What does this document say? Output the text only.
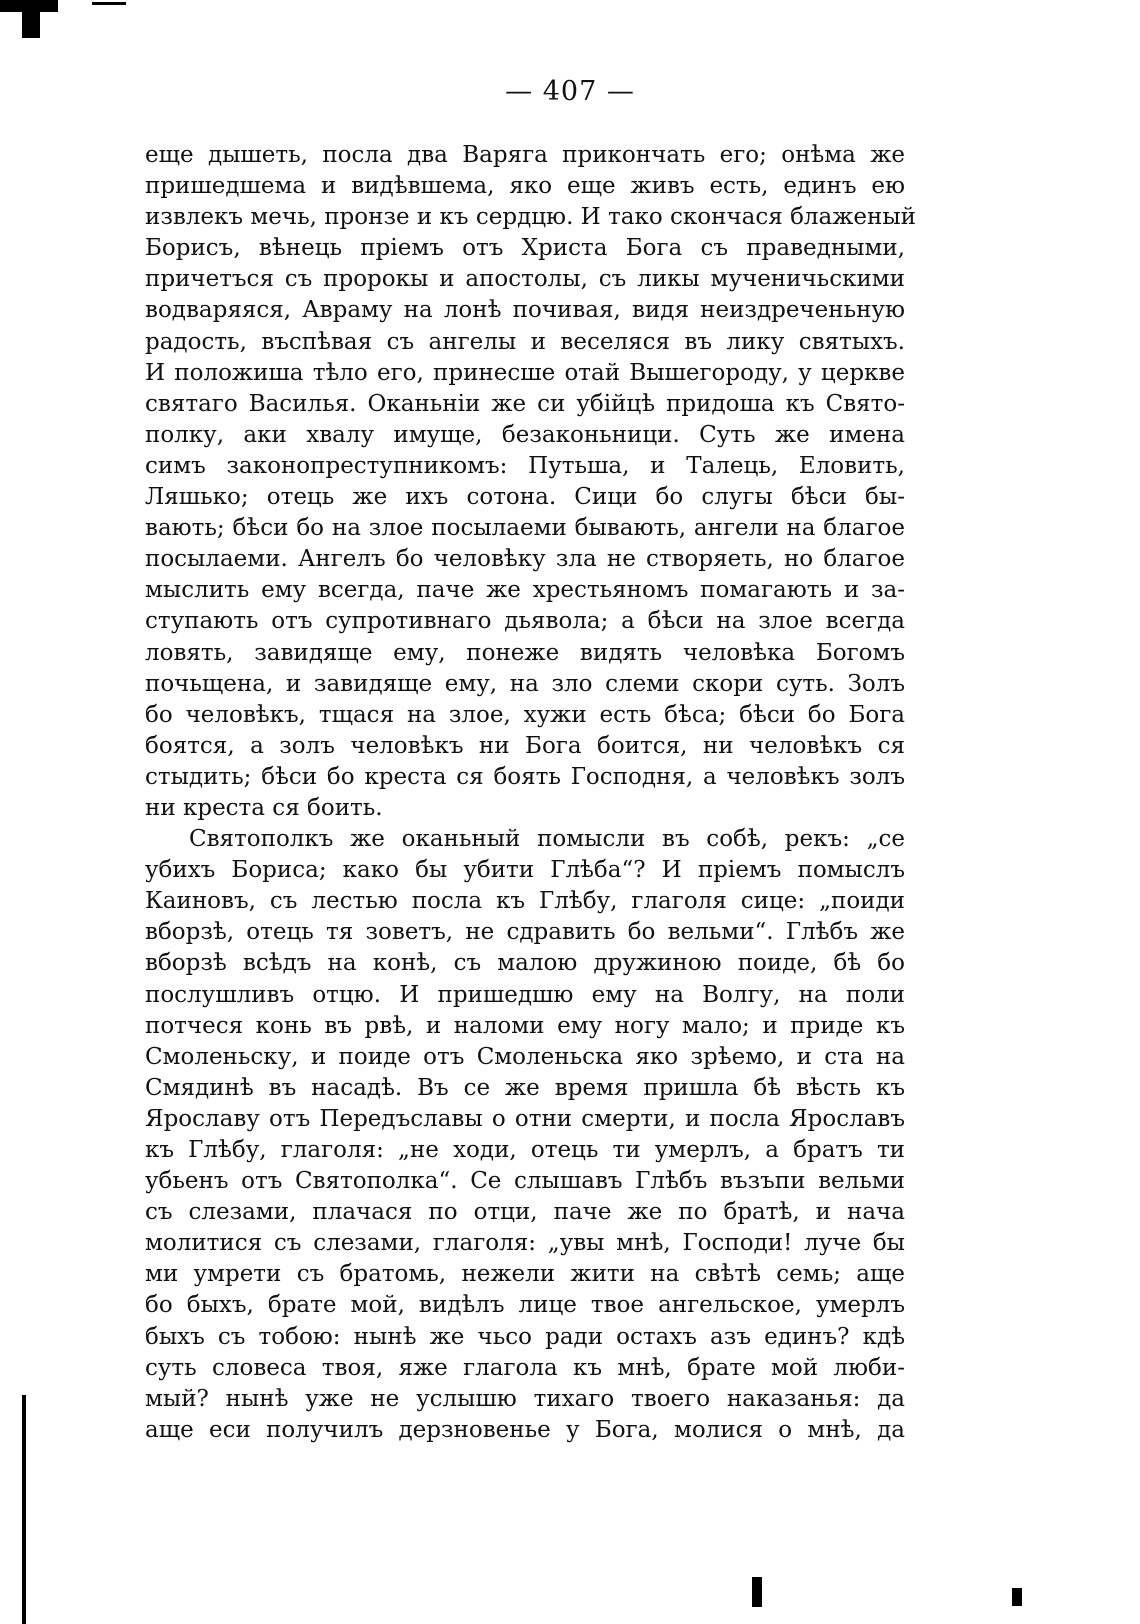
— 407 —
еще дышеть, посла два Варяга прикончать его; онѣма же
пришедшема и видѣвшема, яко еще живъ есть, единъ ею
извлекъ мечь, пронзе и къ сердцю. И тако скончася блаженый
Борисъ, вѣнець пріемъ отъ Христа Бога съ праведными,
причетъся съ пророкы и апостолы, съ ликы мученичьскими
водваряяся, Авраму на лонѣ почивая, видя неиздреченьную
радость, въспѣвая съ ангелы и веселяся въ лику святыхъ.
И положиша тѣло его, принесше отай Вышегороду, у церкве
святаго Василья. Оканьніи же си убійцѣ придоша къ Свято-
полку, аки хвалу имуще, безаконьници. Суть же имена
симъ законопреступникомъ: Путьша, и Талець, Еловить,
Ляшько; отець же ихъ сотона. Сици бо слугы бѣси бы-
вають; бѣси бо на злое посылаеми бывають, ангели на благое
посылаеми. Ангелъ бо человѣку зла не створяеть, но благое
мыслить ему всегда, паче же хрестьяномъ помагають и за-
ступають отъ супротивнаго дьявола; а бѣси на злое всегда
ловять, завидяще ему, понеже видять человѣка Богомъ
почьщена, и завидяще ему, на зло слеми скори суть. Золъ
бо человѣкъ, тщася на злое, хужи есть бѣса; бѣси бо Бога
боятся, а золъ человѣкъ ни Бога боится, ни человѣкъ ся
стыдить; бѣси бо креста ся боять Господня, а человѣкъ золъ
ни креста ся боить.
Святополкъ же оканьный помысли въ собѣ, рекъ: „се
убихъ Бориса; како бы убити Глѣба“? И пріемъ помыслъ
Каиновъ, съ лестью посла къ Глѣбу, глаголя сице: „поиди
вборзѣ, отець тя зоветъ, не сдравить бо вельми“. Глѣбъ же
вборзѣ всѣдъ на конѣ, съ малою дружиною поиде, бѣ бо
послушливъ отцю. И пришедшю ему на Волгу, на поли
потчеся конь въ рвѣ, и наломи ему ногу мало; и приде къ
Смоленьску, и поиде отъ Смоленьска яко зрѣемо, и ста на
Смядинѣ въ насадѣ. Въ се же время пришла бѣ вѣсть къ
Ярославу отъ Передъславы о отни смерти, и посла Ярославъ
къ Глѣбу, глаголя: „не ходи, отець ти умерлъ, а братъ ти
убьенъ отъ Святополка“. Се слышавъ Глѣбъ възъпи вельми
съ слезами, плачася по отци, паче же по братѣ, и нача
молитися съ слезами, глаголя: „увы мнѣ, Господи! луче бы
ми умрети съ братомь, нежели жити на свѣтѣ семь; аще
бо быхъ, брате мой, видѣлъ лице твое ангельское, умерлъ
быхъ съ тобою: нынѣ же чьсо ради остахъ азъ единъ? кдѣ
суть словеса твоя, яже глагола къ мнѣ, брате мой люби-
мый? нынѣ уже не услышю тихаго твоего наказанья: да
аще еси получилъ дерзновенье у Бога, молися о мнѣ, да
